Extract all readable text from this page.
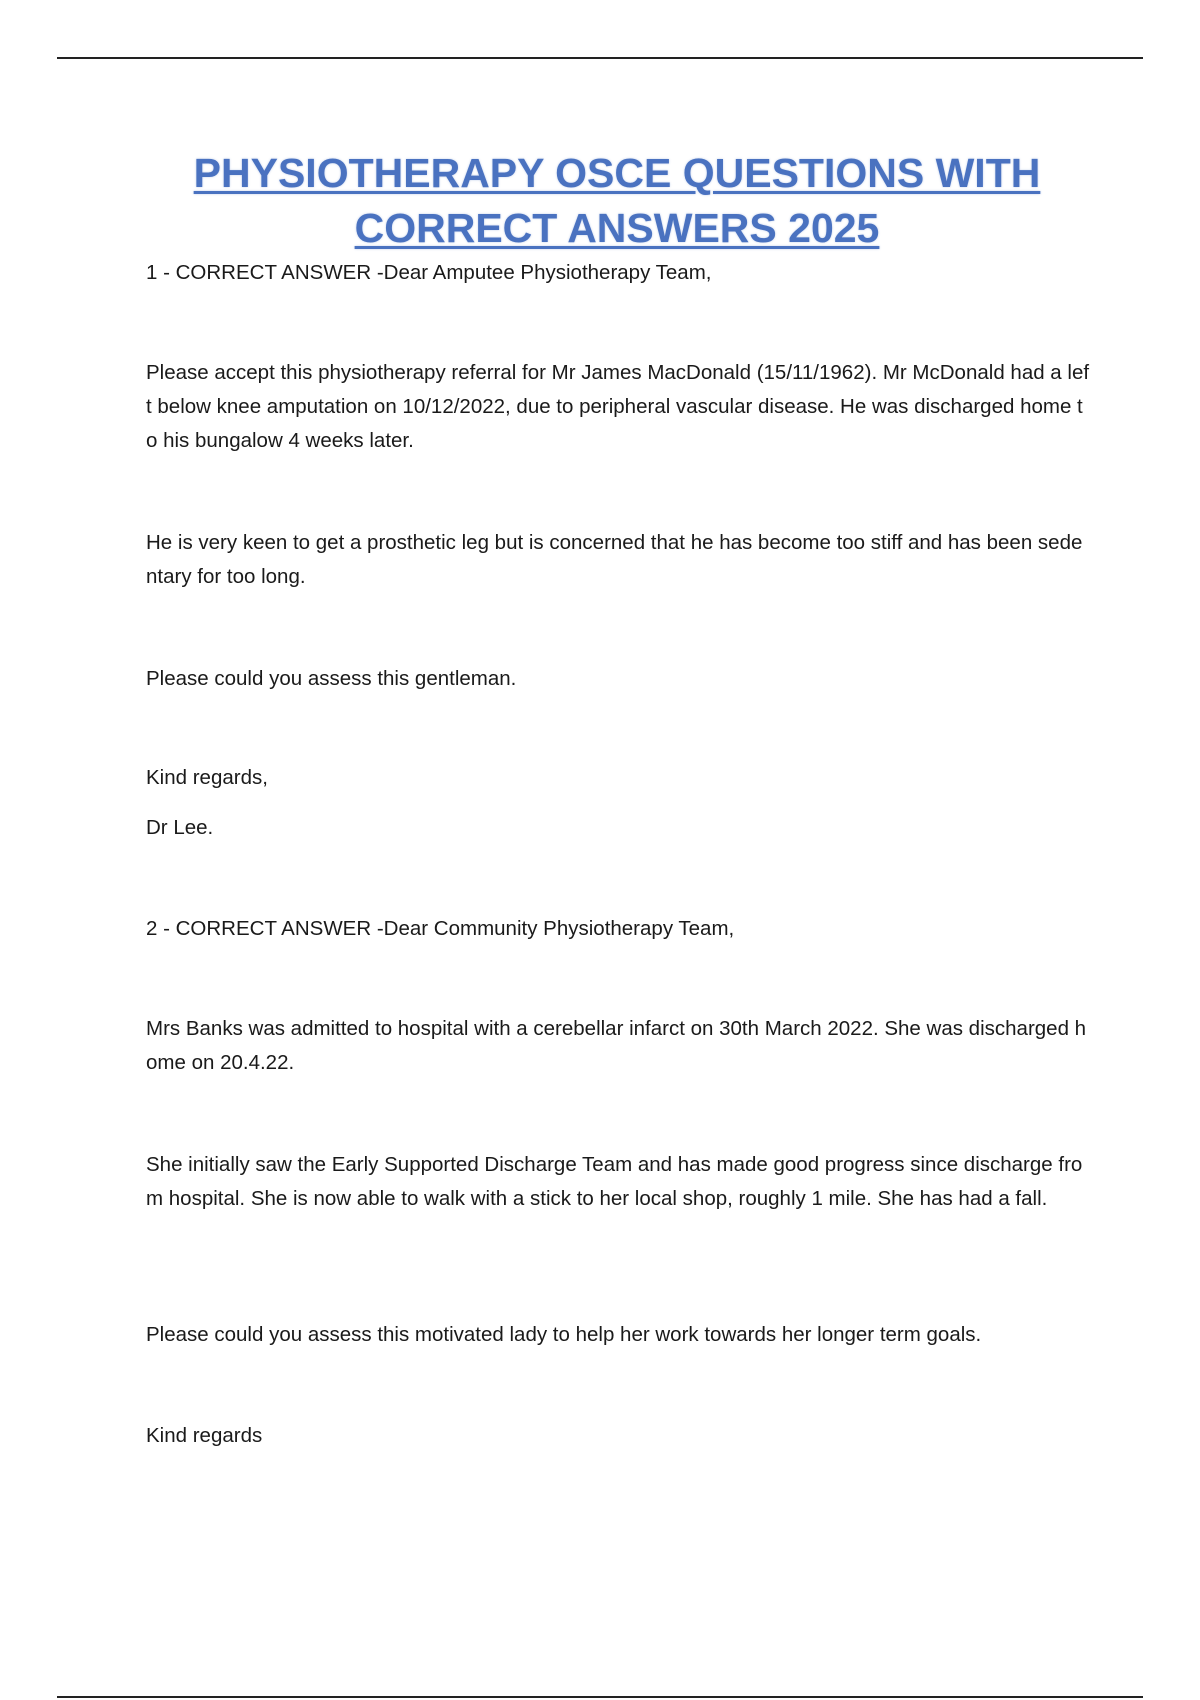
PHYSIOTHERAPY OSCE QUESTIONS WITH
CORRECT ANSWERS 2025

1 - CORRECT ANSWER -Dear Amputee Physiotherapy Team,

Please accept this physiotherapy referral for Mr James MacDonald (15/11/1962). Mr McDonald had a left below knee amputation on 10/12/2022, due to peripheral vascular disease. He was discharged home to his bungalow 4 weeks later.

He is very keen to get a prosthetic leg but is concerned that he has become too stiff and has been sedentary for too long.

Please could you assess this gentleman.

Kind regards,

Dr Lee.

2 - CORRECT ANSWER -Dear Community Physiotherapy Team,

Mrs Banks was admitted to hospital with a cerebellar infarct on 30th March 2022. She was discharged home on 20.4.22.

She initially saw the Early Supported Discharge Team and has made good progress since discharge from hospital. She is now able to walk with a stick to her local shop, roughly 1 mile. She has had a fall.

Please could you assess this motivated lady to help her work towards her longer term goals.

Kind regards
